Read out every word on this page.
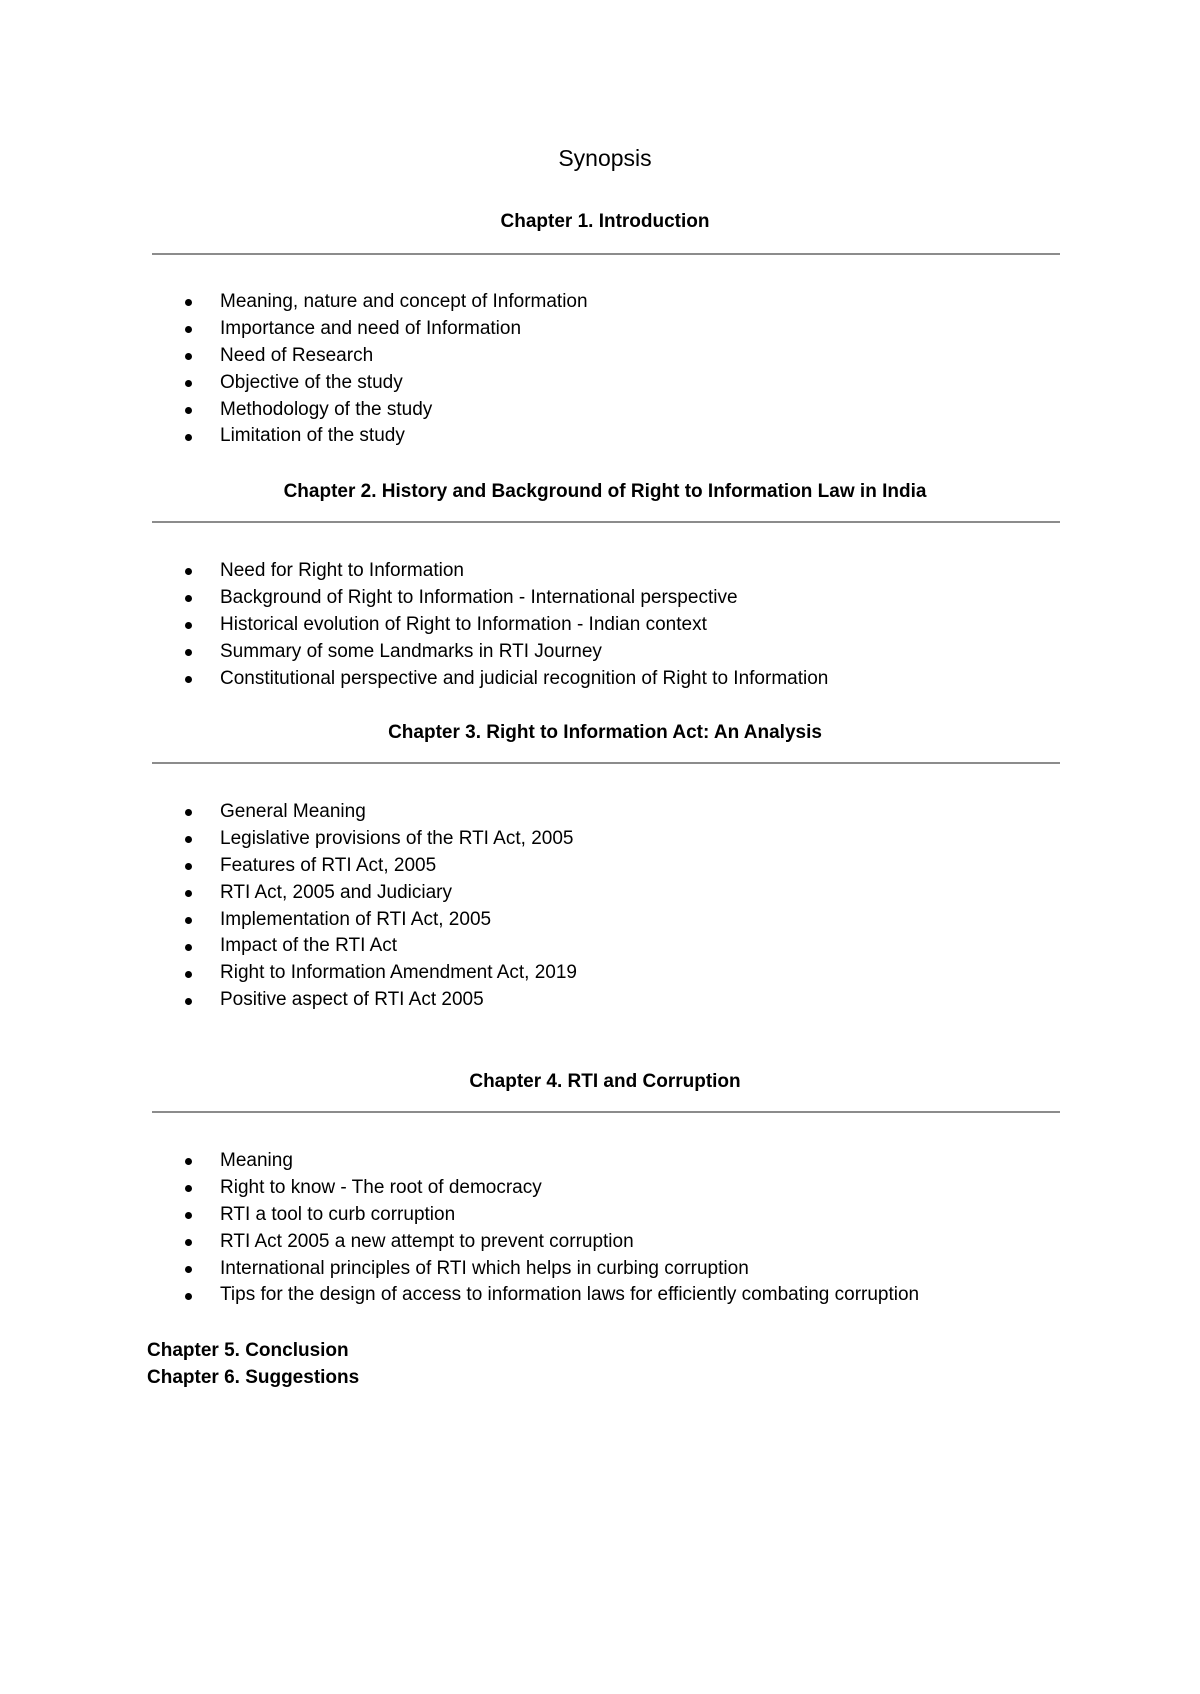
Synopsis
Chapter 1. Introduction
Meaning, nature and concept of Information
Importance and need of Information
Need of Research
Objective of the study
Methodology of the study
Limitation of the study
Chapter 2. History and Background of Right to Information Law in India
Need for Right to Information
Background of Right to Information - International perspective
Historical evolution of Right to Information - Indian context
Summary of some Landmarks in RTI Journey
Constitutional perspective and judicial recognition of Right to Information
Chapter 3. Right to Information Act: An Analysis
General Meaning
Legislative provisions of the RTI Act, 2005
Features of RTI Act, 2005
RTI Act, 2005 and Judiciary
Implementation of RTI Act, 2005
Impact of the RTI Act
Right to Information Amendment Act, 2019
Positive aspect of RTI Act 2005
Chapter 4. RTI and Corruption
Meaning
Right to know - The root of democracy
RTI a tool to curb corruption
RTI Act 2005 a new attempt to prevent corruption
International principles of RTI which helps in curbing corruption
Tips for the design of access to information laws for efficiently combating corruption

Chapter 5. Conclusion

Chapter 6. Suggestions
